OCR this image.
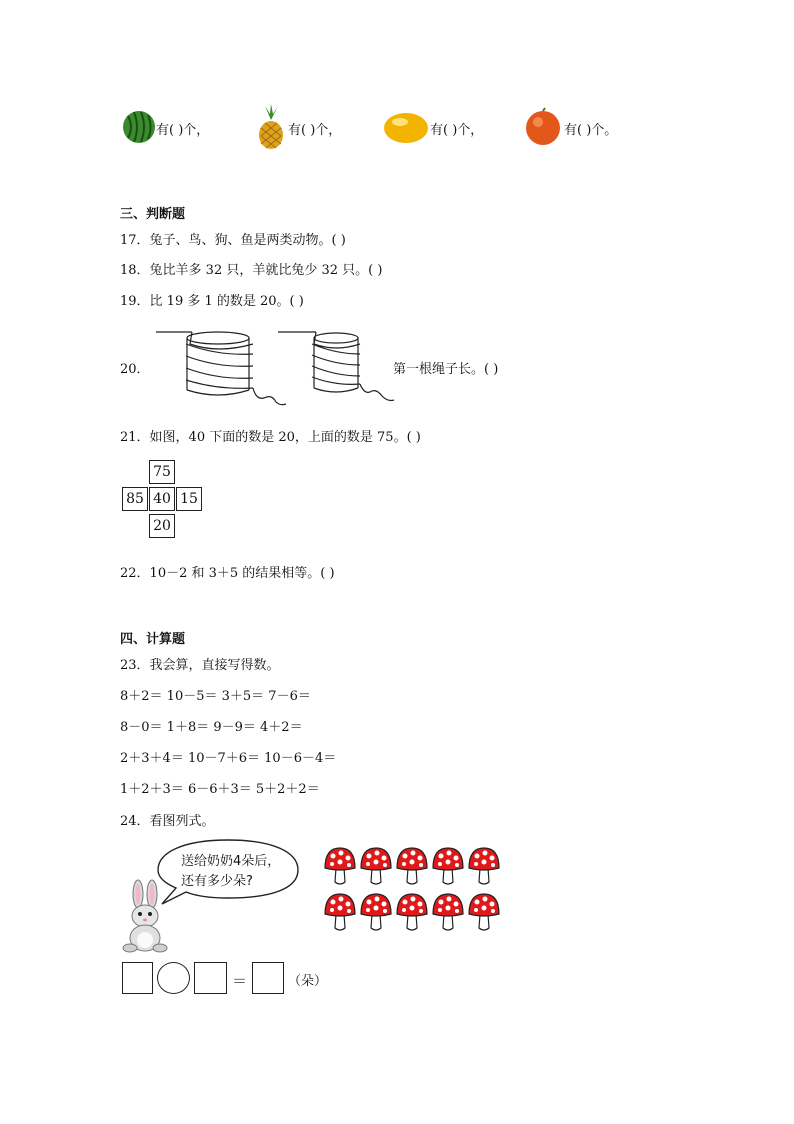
有( )个，	有( )个，	有( )个，	有( )个。
三、判断题
17．兔子、鸟、狗、鱼是两类动物。( )
18．兔比羊多 32 只，羊就比兔少 32 只。( )
19．比 19 多 1 的数是 20。( )
20．	第一根绳子长。( )
21．如图，40 下面的数是 20，上面的数是 75。( )
75
85 40 15
20
22．10－2 和 3＋5 的结果相等。( )
四、计算题
23．我会算，直接写得数。
8＋2＝ 10－5＝ 3＋5＝ 7－6＝
8－0＝ 1＋8＝ 9－9＝ 4＋2＝
2＋3＋4＝ 10－7＋6＝ 10－6－4＝
1＋2＋3＝ 6－6＋3＝ 5＋2＋2＝
24．看图列式。
送给奶奶4朵后，
还有多少朵?
＝	（朵）
